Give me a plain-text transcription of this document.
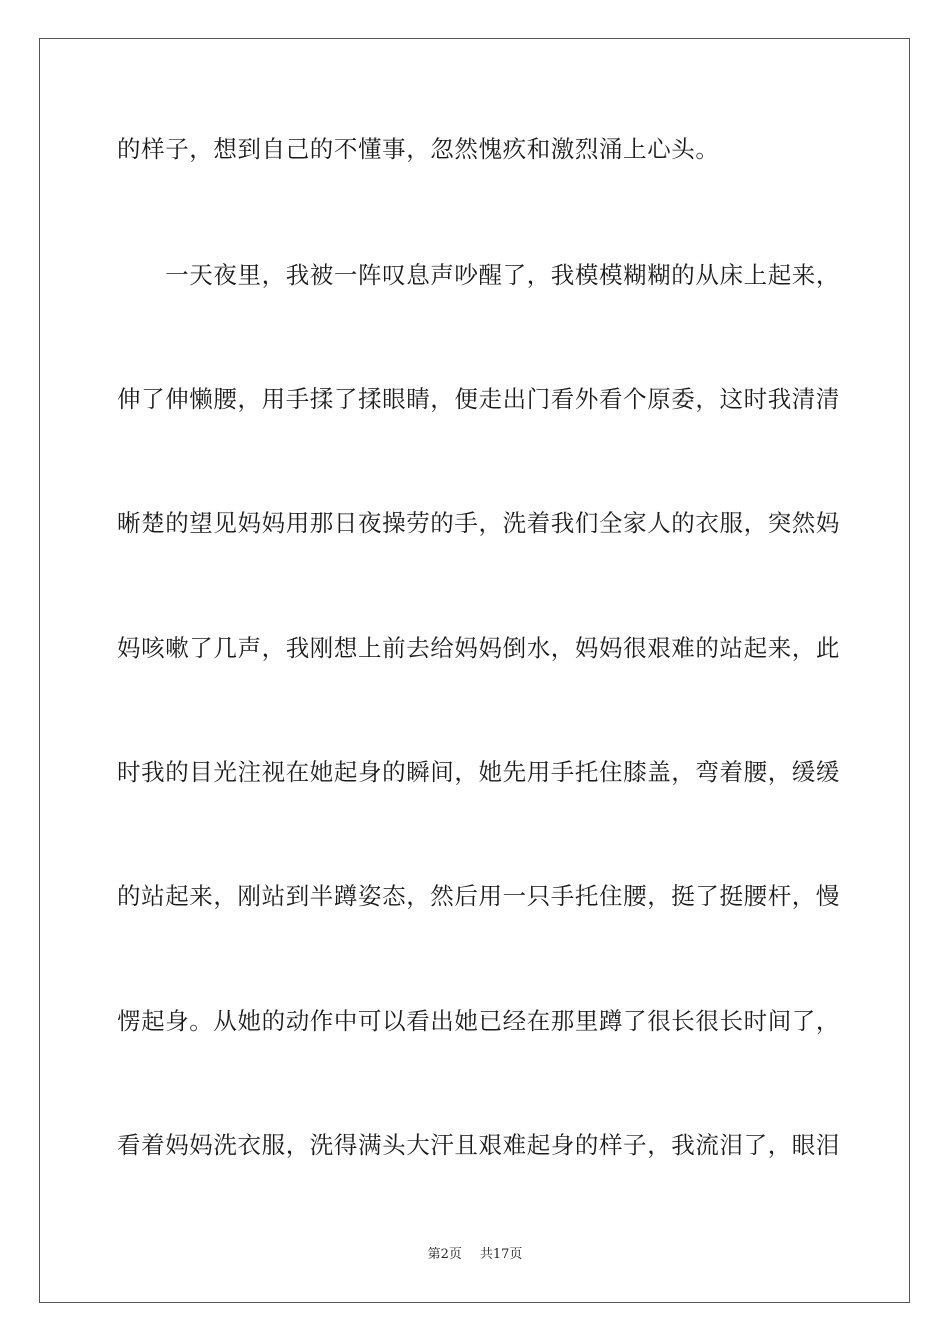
的样子，想到自己的不懂事，忽然愧疚和激烈涌上心头。
　　一天夜里，我被一阵叹息声吵醒了，我模模糊糊的从床上起来，
伸了伸懒腰，用手揉了揉眼睛，便走出门看外看个原委，这时我清清
晰楚的望见妈妈用那日夜操劳的手，洗着我们全家人的衣服，突然妈
妈咳嗽了几声，我刚想上前去给妈妈倒水，妈妈很艰难的站起来，此
时我的目光注视在她起身的瞬间，她先用手托住膝盖，弯着腰，缓缓
的站起来，刚站到半蹲姿态，然后用一只手托住腰，挺了挺腰杆，慢
愣起身。从她的动作中可以看出她已经在那里蹲了很长很长时间了，
看着妈妈洗衣服，洗得满头大汗且艰难起身的样子，我流泪了，眼泪
第2页 共17页
